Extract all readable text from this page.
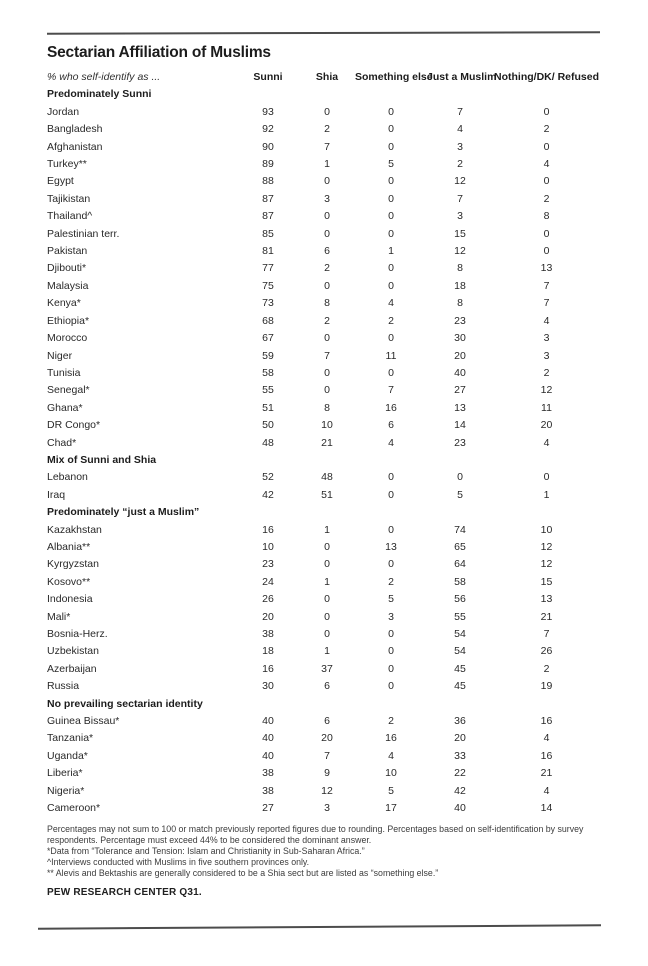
Sectarian Affiliation of Muslims
% who self-identify as ...	Sunni	Shia	Something else	Just a Muslim	Nothing/DK/ Refused
Predominately Sunni					
Jordan	93	0	0	7	0
Bangladesh	92	2	0	4	2
Afghanistan	90	7	0	3	0
Turkey**	89	1	5	2	4
Egypt	88	0	0	12	0
Tajikistan	87	3	0	7	2
Thailand^	87	0	0	3	8
Palestinian terr.	85	0	0	15	0
Pakistan	81	6	1	12	0
Djibouti*	77	2	0	8	13
Malaysia	75	0	0	18	7
Kenya*	73	8	4	8	7
Ethiopia*	68	2	2	23	4
Morocco	67	0	0	30	3
Niger	59	7	11	20	3
Tunisia	58	0	0	40	2
Senegal*	55	0	7	27	12
Ghana*	51	8	16	13	11
DR Congo*	50	10	6	14	20
Chad*	48	21	4	23	4
Mix of Sunni and Shia					
Lebanon	52	48	0	0	0
Iraq	42	51	0	5	1
Predominately “just a Muslim”					
Kazakhstan	16	1	0	74	10
Albania**	10	0	13	65	12
Kyrgyzstan	23	0	0	64	12
Kosovo**	24	1	2	58	15
Indonesia	26	0	5	56	13
Mali*	20	0	3	55	21
Bosnia-Herz.	38	0	0	54	7
Uzbekistan	18	1	0	54	26
Azerbaijan	16	37	0	45	2
Russia	30	6	0	45	19
No prevailing sectarian identity					
Guinea Bissau*	40	6	2	36	16
Tanzania*	40	20	16	20	4
Uganda*	40	7	4	33	16
Liberia*	38	9	10	22	21
Nigeria*	38	12	5	42	4
Cameroon*	27	3	17	40	14
Percentages may not sum to 100 or match previously reported figures due to rounding. Percentages based on self-identification by survey respondents. Percentage must exceed 44% to be considered the dominant answer.
*Data from “Tolerance and Tension: Islam and Christianity in Sub-Saharan Africa.”
^Interviews conducted with Muslims in five southern provinces only.
** Alevis and Bektashis are generally considered to be a Shia sect but are listed as “something else.”
PEW RESEARCH CENTER Q31.
